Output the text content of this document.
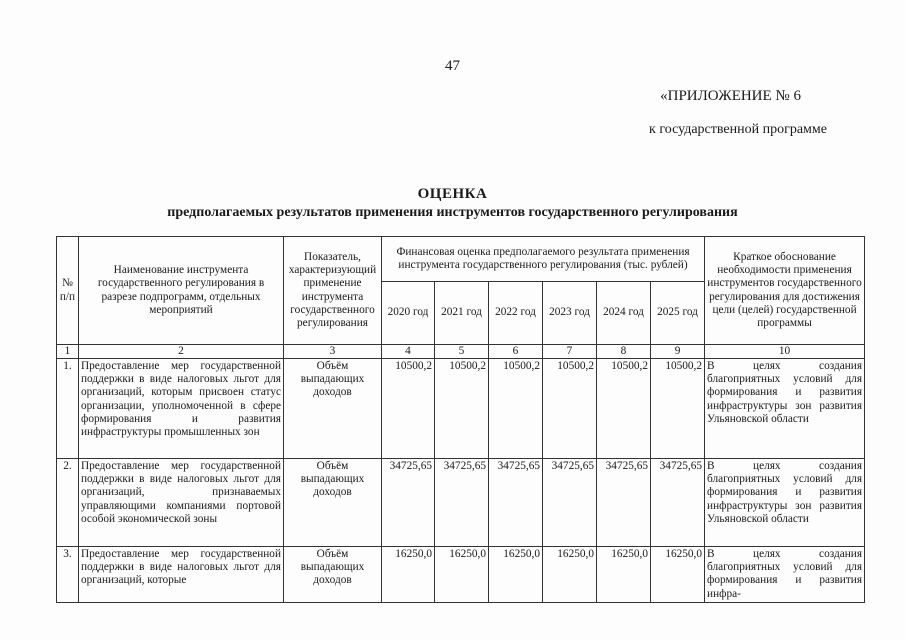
47
«ПРИЛОЖЕНИЕ № 6
к государственной программе
ОЦЕНКА
предполагаемых результатов применения инструментов государственного регулирования
№ п/п	Наименование инструмента государственного регулирования в разрезе подпрограмм, отдельных мероприятий	Показатель, характеризующий применение инструмента государственного регулирования	Финансовая оценка предполагаемого результата применения инструмента государственного регулирования (тыс. рублей)						Краткое обоснование необходимости применения инструментов государственного регулирования для достижения цели (целей) государственной программы
			2020 год	2021 год	2022 год	2023 год	2024 год	2025 год	
1	2	3	4	5	6	7	8	9	10
1.	Предоставление мер государственной поддержки в виде налоговых льгот для организаций, которым присвоен статус организации, уполномоченной в сфере формирования и развития инфраструктуры промышленных зон	Объём выпадающих доходов	10500,2	10500,2	10500,2	10500,2	10500,2	10500,2	В целях создания благоприятных условий для формирования и развития инфраструктуры зон развития Ульяновской области
2.	Предоставление мер государственной поддержки в виде налоговых льгот для организаций, признаваемых управляющими компаниями портовой особой экономической зоны	Объём выпадающих доходов	34725,65	34725,65	34725,65	34725,65	34725,65	34725,65	В целях создания благоприятных условий для формирования и развития инфраструктуры зон развития Ульяновской области
3.	Предоставление мер государственной поддержки в виде налоговых льгот для организаций, которые	Объём выпадающих доходов	16250,0	16250,0	16250,0	16250,0	16250,0	16250,0	В целях создания благоприятных условий для формирования и развития инфра-
